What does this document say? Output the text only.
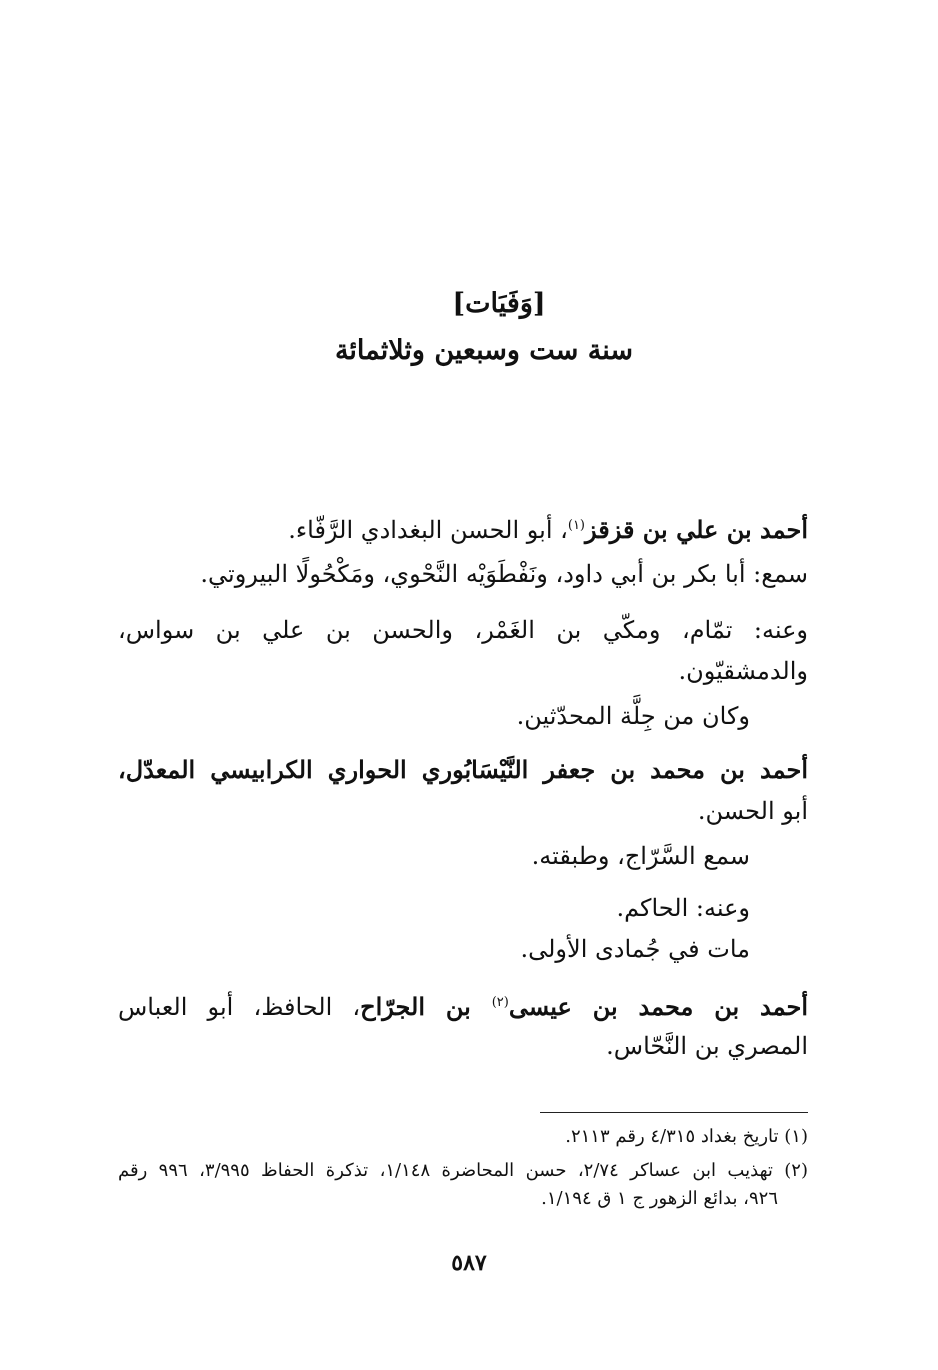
[وَفَيَات]
سنة ست وسبعين وثلاثمائة
أحمد بن علي بن قزقز$^{(١)}$، أبو الحسن البغدادي الرَّفّاء.
سمع: أبا بكر بن أبي داود، ونَفْطَوَيْه النَّحْوي، ومَكْحُولًا البيروتي.
وعنه: تمّام، ومكّي بن الغَمْر، والحسن بن علي بن سواس،
والدمشقيّون.
وكان من جِلَّة المحدّثين.
أحمد بن محمد بن جعفر النَّيْسَابُوري الحواري الكرابيسي المعدّل،
أبو الحسن.
سمع السَّرّاج، وطبقته.
وعنه: الحاكم.
مات في جُمادى الأولى.
أحمد بن محمد بن عيسى$^{(٢)}$ بن الجرّاح، الحافظ، أبو العباس
المصري بن النَّحّاس.
(١) تاريخ بغداد ٤/٣١٥ رقم ٢١١٣.
(٢) تهذيب ابن عساكر ٢/٧٤، حسن المحاضرة ١/١٤٨، تذكرة الحفاظ ٣/٩٩٥، ٩٩٦ رقم
٩٢٦، بدائع الزهور ج ١ ق ١/١٩٤.
٥٨٧
